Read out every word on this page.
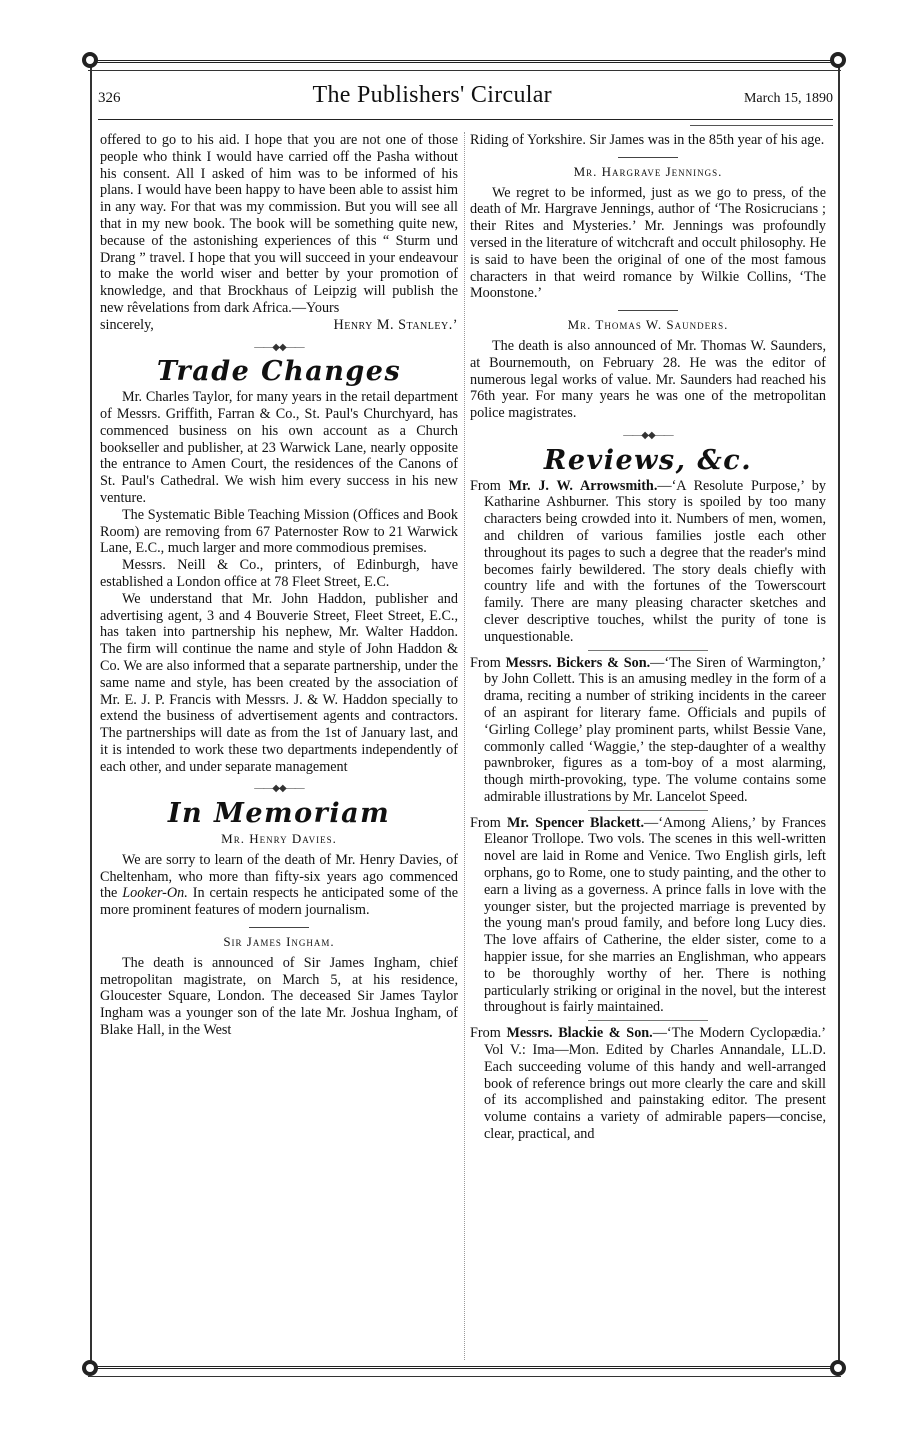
326	The Publishers' Circular	March 15, 1890

offered to go to his aid. I hope that you are not one of those people who think I would have carried off the Pasha without his consent. All I asked of him was to be informed of his plans. I would have been happy to have been able to assist him in any way. For that was my commission. But you will see all that in my new book. The book will be something quite new, because of the astonishing experiences of this “ Sturm und Drang ” travel. I hope that you will succeed in your endeavour to make the world wiser and better by your promotion of knowledge, and that Brockhaus of Leipzig will publish the new rêvelations from dark Africa.—Yours

sincerely,	Henry M. Stanley.’
——◆◆——
Trade Changes

Mr. Charles Taylor, for many years in the retail department of Messrs. Griffith, Farran & Co., St. Paul's Churchyard, has commenced business on his own account as a Church bookseller and publisher, at 23 Warwick Lane, nearly opposite the entrance to Amen Court, the residences of the Canons of St. Paul's Cathedral. We wish him every success in his new venture.

The Systematic Bible Teaching Mission (Offices and Book Room) are removing from 67 Paternoster Row to 21 Warwick Lane, E.C., much larger and more commodious premises.

Messrs. Neill & Co., printers, of Edinburgh, have established a London office at 78 Fleet Street, E.C.

We understand that Mr. John Haddon, publisher and advertising agent, 3 and 4 Bouverie Street, Fleet Street, E.C., has taken into partnership his nephew, Mr. Walter Haddon. The firm will continue the name and style of John Haddon & Co. We are also informed that a separate partnership, under the same name and style, has been created by the association of Mr. E. J. P. Francis with Messrs. J. & W. Haddon specially to extend the business of advertisement agents and contractors. The partnerships will date as from the 1st of January last, and it is intended to work these two departments independently of each other, and under separate management

——◆◆——
In Memoriam
Mr. Henry Davies.

We are sorry to learn of the death of Mr. Henry Davies, of Cheltenham, who more than fifty-six years ago commenced the Looker-On. In certain respects he anticipated some of the more prominent features of modern journalism.

Sir James Ingham.

The death is announced of Sir James Ingham, chief metropolitan magistrate, on March 5, at his residence, Gloucester Square, London. The deceased Sir James Taylor Ingham was a younger son of the late Mr. Joshua Ingham, of Blake Hall, in the West

Riding of Yorkshire. Sir James was in the 85th year of his age.

Mr. Hargrave Jennings.

We regret to be informed, just as we go to press, of the death of Mr. Hargrave Jennings, author of ‘The Rosicrucians ; their Rites and Mysteries.’ Mr. Jennings was profoundly versed in the literature of witchcraft and occult philosophy. He is said to have been the original of one of the most famous characters in that weird romance by Wilkie Collins, ‘The Moonstone.’

Mr. Thomas W. Saunders.

The death is also announced of Mr. Thomas W. Saunders, at Bournemouth, on February 28. He was the editor of numerous legal works of value. Mr. Saunders had reached his 76th year. For many years he was one of the metropolitan police magistrates.

——◆◆——
Reviews, &c.

From Mr. J. W. Arrowsmith.—‘A Resolute Purpose,’ by Katharine Ashburner. This story is spoiled by too many characters being crowded into it. Numbers of men, women, and children of various families jostle each other throughout its pages to such a degree that the reader's mind becomes fairly bewildered. The story deals chiefly with country life and with the fortunes of the Towerscourt family. There are many pleasing character sketches and clever descriptive touches, whilst the purity of tone is unquestionable.

From Messrs. Bickers & Son.—‘The Siren of Warmington,’ by John Collett. This is an amusing medley in the form of a drama, reciting a number of striking incidents in the career of an aspirant for literary fame. Officials and pupils of ‘Girling College’ play prominent parts, whilst Bessie Vane, commonly called ‘Waggie,’ the step-daughter of a wealthy pawnbroker, figures as a tom-boy of a most alarming, though mirth-provoking, type. The volume contains some admirable illustrations by Mr. Lancelot Speed.

From Mr. Spencer Blackett.—‘Among Aliens,’ by Frances Eleanor Trollope. Two vols. The scenes in this well-written novel are laid in Rome and Venice. Two English girls, left orphans, go to Rome, one to study painting, and the other to earn a living as a governess. A prince falls in love with the younger sister, but the projected marriage is prevented by the young man's proud family, and before long Lucy dies. The love affairs of Catherine, the elder sister, come to a happier issue, for she marries an Englishman, who appears to be thoroughly worthy of her. There is nothing particularly striking or original in the novel, but the interest throughout is fairly maintained.

From Messrs. Blackie & Son.—‘The Modern Cyclopædia.’ Vol V.: Ima—Mon. Edited by Charles Annandale, LL.D. Each succeeding volume of this handy and well-arranged book of reference brings out more clearly the care and skill of its accomplished and painstaking editor. The present volume contains a variety of admirable papers—concise, clear, practical, and
